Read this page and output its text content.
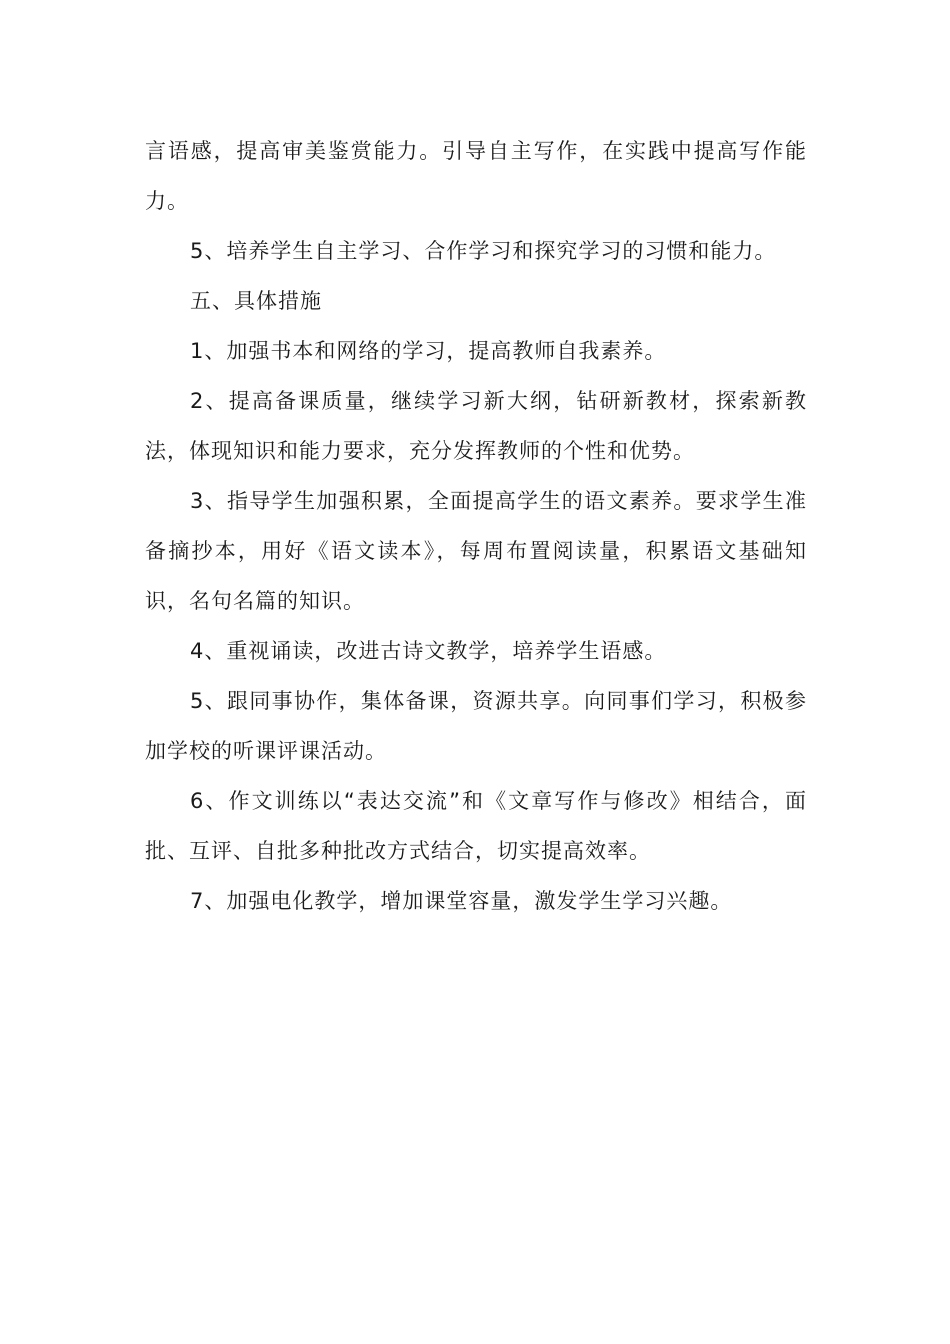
言语感，提高审美鉴赏能力。引导自主写作，在实践中提高写作能力。

5、培养学生自主学习、合作学习和探究学习的习惯和能力。

五、具体措施

1、加强书本和网络的学习，提高教师自我素养。

2、提高备课质量，继续学习新大纲，钻研新教材，探索新教法，体现知识和能力要求，充分发挥教师的个性和优势。

3、指导学生加强积累，全面提高学生的语文素养。要求学生准备摘抄本，用好《语文读本》，每周布置阅读量，积累语文基础知识，名句名篇的知识。

4、重视诵读，改进古诗文教学，培养学生语感。

5、跟同事协作，集体备课，资源共享。向同事们学习，积极参加学校的听课评课活动。

6、作文训练以“表达交流”和《文章写作与修改》相结合，面批、互评、自批多种批改方式结合，切实提高效率。

7、加强电化教学，增加课堂容量，激发学生学习兴趣。
